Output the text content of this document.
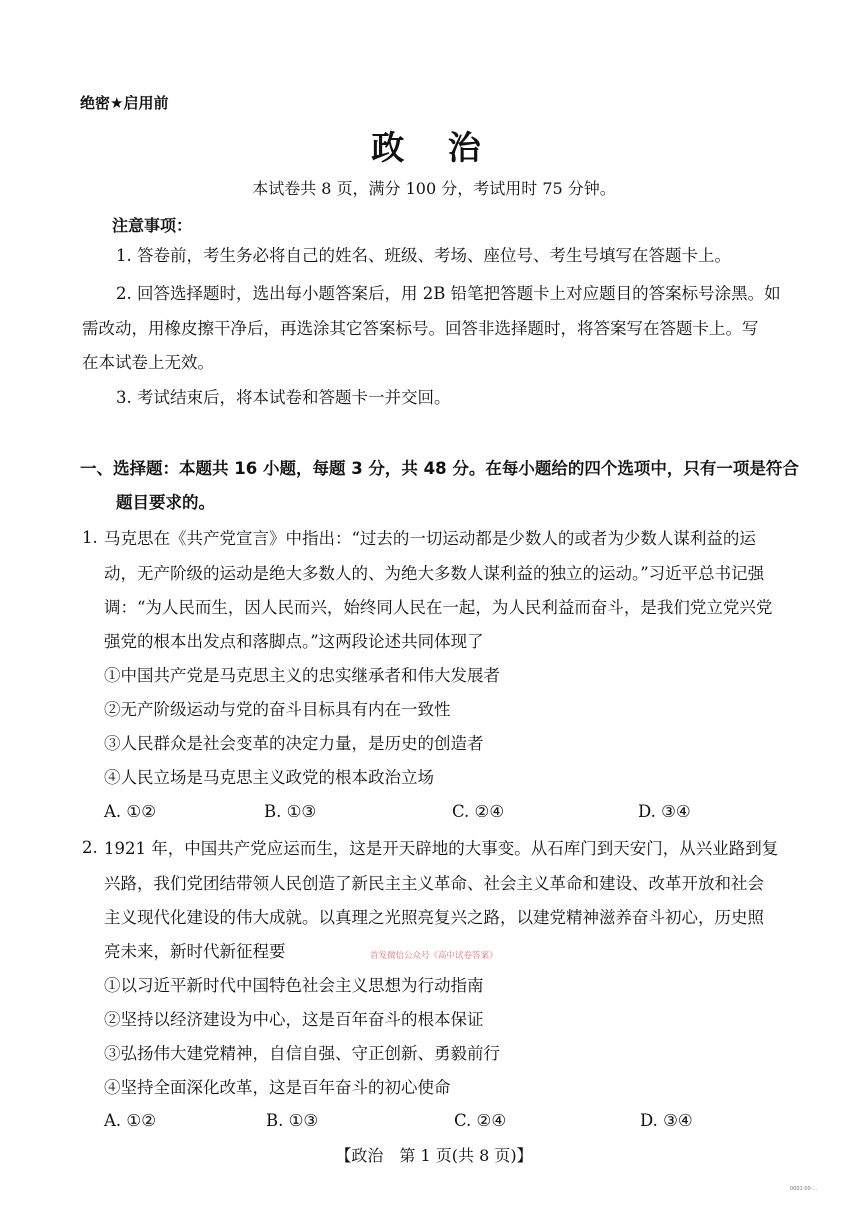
绝密★启用前
政 治
本试卷共 8 页，满分 100 分，考试用时 75 分钟。
注意事项：
1. 答卷前，考生务必将自己的姓名、班级、考场、座位号、考生号填写在答题卡上。
2. 回答选择题时，选出每小题答案后，用 2B 铅笔把答题卡上对应题目的答案标号涂黑。如
需改动，用橡皮擦干净后，再选涂其它答案标号。回答非选择题时，将答案写在答题卡上。写
在本试卷上无效。
3. 考试结束后，将本试卷和答题卡一并交回。
一、选择题：本题共 16 小题，每题 3 分，共 48 分。在每小题给的四个选项中，只有一项是符合
题目要求的。
1. 马克思在《共产党宣言》中指出：“过去的一切运动都是少数人的或者为少数人谋利益的运
动，无产阶级的运动是绝大多数人的、为绝大多数人谋利益的独立的运动。”习近平总书记强
调：“为人民而生，因人民而兴，始终同人民在一起，为人民利益而奋斗，是我们党立党兴党
强党的根本出发点和落脚点。”这两段论述共同体现了
①中国共产党是马克思主义的忠实继承者和伟大发展者
②无产阶级运动与党的奋斗目标具有内在一致性
③人民群众是社会变革的决定力量，是历史的创造者
④人民立场是马克思主义政党的根本政治立场
A. ①②	B. ①③	C. ②④	D. ③④
2. 1921 年，中国共产党应运而生，这是开天辟地的大事变。从石库门到天安门，从兴业路到复
兴路，我们党团结带领人民创造了新民主主义革命、社会主义革命和建设、改革开放和社会
主义现代化建设的伟大成就。以真理之光照亮复兴之路，以建党精神滋养奋斗初心，历史照
亮未来，新时代新征程要
①以习近平新时代中国特色社会主义思想为行动指南
②坚持以经济建设为中心，这是百年奋斗的根本保证
③弘扬伟大建党精神，自信自强、守正创新、勇毅前行
④坚持全面深化改革，这是百年奋斗的初心使命
A. ①②	B. ①③	C. ②④	D. ③④
首发微信公众号《高中试卷答案》
【政治　第 1 页(共 8 页)】
0001·00·...
